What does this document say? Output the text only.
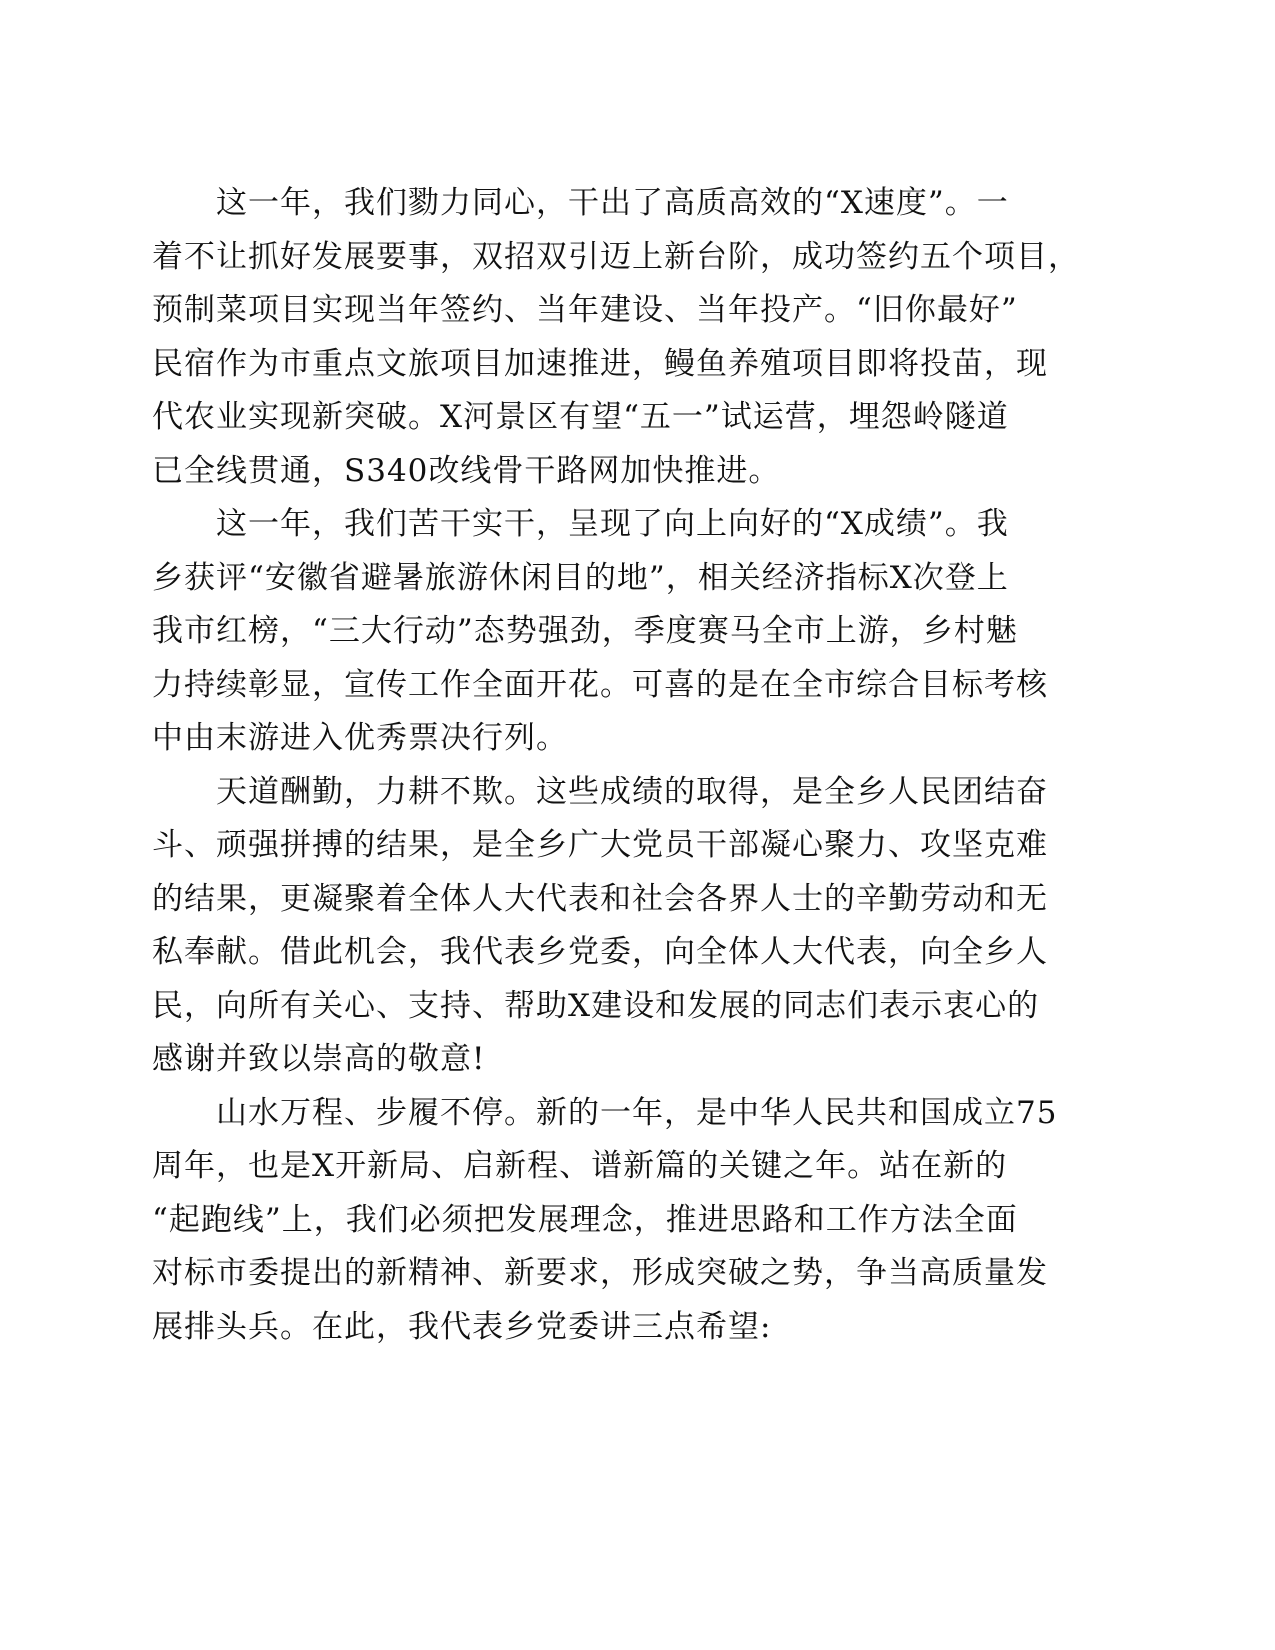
这一年，我们勠力同心，干出了高质高效的“X速度”。一
着不让抓好发展要事，双招双引迈上新台阶，成功签约五个项目，
预制菜项目实现当年签约、当年建设、当年投产。“旧你最好”
民宿作为市重点文旅项目加速推进，鳗鱼养殖项目即将投苗，现
代农业实现新突破。X河景区有望“五一”试运营，埋怨岭隧道
已全线贯通，S340改线骨干路网加快推进。
这一年，我们苦干实干，呈现了向上向好的“X成绩”。我
乡获评“安徽省避暑旅游休闲目的地”，相关经济指标X次登上
我市红榜，“三大行动”态势强劲，季度赛马全市上游，乡村魅
力持续彰显，宣传工作全面开花。可喜的是在全市综合目标考核
中由末游进入优秀票决行列。
天道酬勤，力耕不欺。这些成绩的取得，是全乡人民团结奋
斗、顽强拼搏的结果，是全乡广大党员干部凝心聚力、攻坚克难
的结果，更凝聚着全体人大代表和社会各界人士的辛勤劳动和无
私奉献。借此机会，我代表乡党委，向全体人大代表，向全乡人
民，向所有关心、支持、帮助X建设和发展的同志们表示衷心的
感谢并致以崇高的敬意!
山水万程、步履不停。新的一年，是中华人民共和国成立75
周年，也是X开新局、启新程、谱新篇的关键之年。站在新的
“起跑线”上，我们必须把发展理念，推进思路和工作方法全面
对标市委提出的新精神、新要求，形成突破之势，争当高质量发
展排头兵。在此，我代表乡党委讲三点希望:
